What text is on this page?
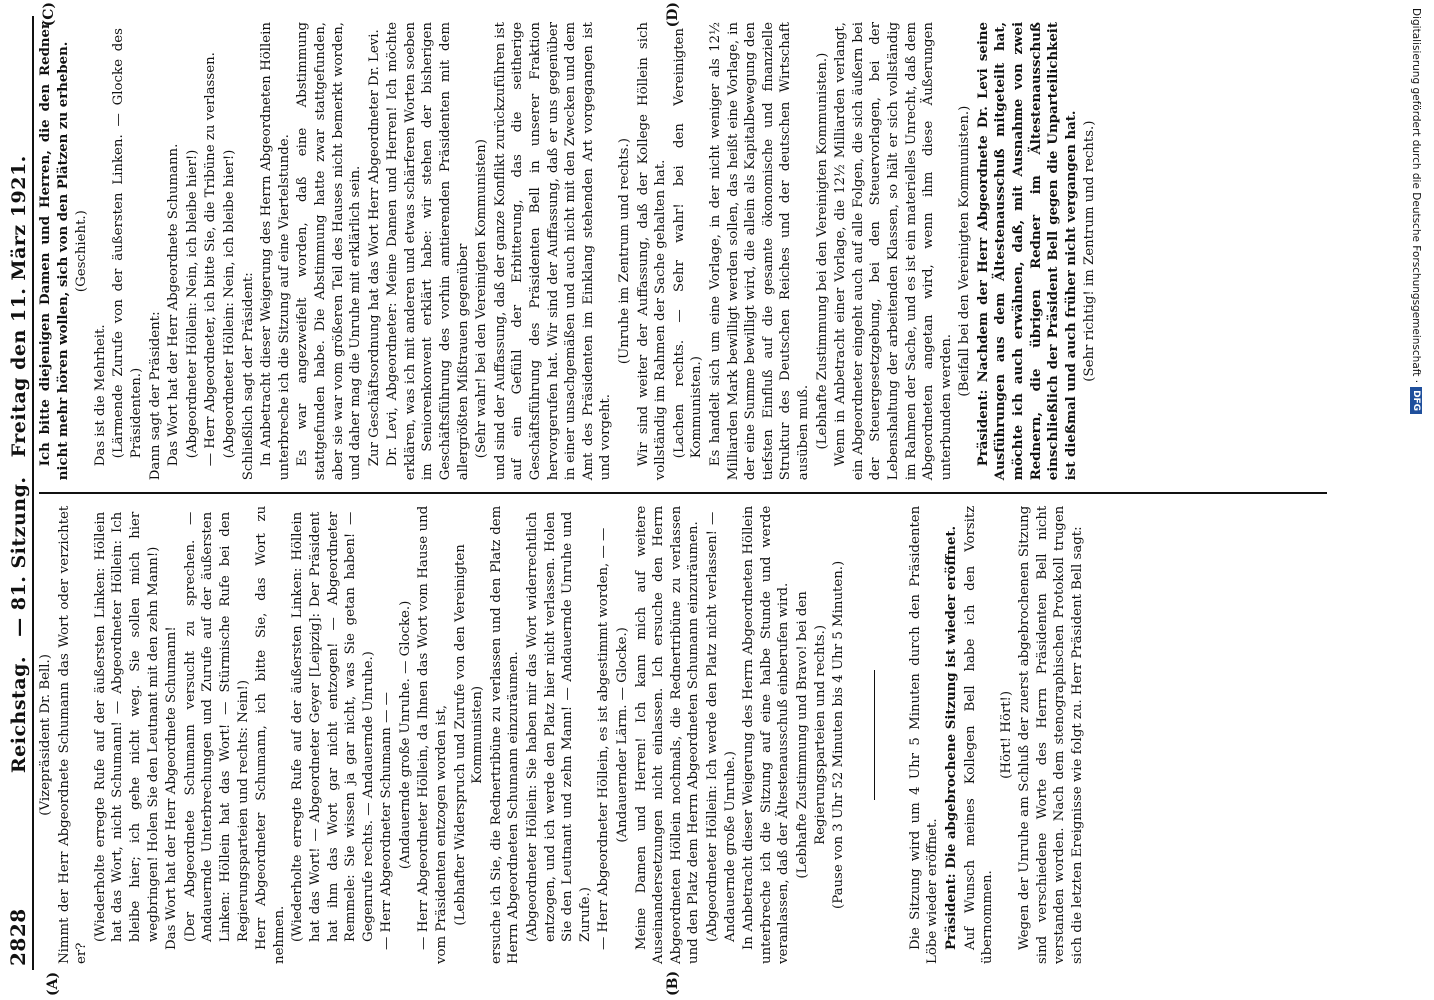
Digitalisierung gefördert durch die Deutsche Forschungsgemeinschaft ·
DFG
2828
Reichstag. — 81. Sitzung. Freitag den 11. März 1921.
(A)	(B)
(C)	(D)

(Vizepräsident Dr. Bell.) Nimmt der Herr Abgeordnete Schumann das Wort oder verzichtet er?

(Wiederholte erregte Rufe auf der äußersten Linken: Höllein hat das Wort, nicht Schumann! — Abgeordneter Höllein: Ich bleibe hier; ich gehe nicht weg. Sie sollen mich hier wegbringen! Holen Sie den Leutnant mit den zehn Mann!) Das Wort hat der Herr Abgeordnete Schumann! (Der Abgeordnete Schumann versucht zu sprechen. — Andauernde Unterbrechungen und Zurufe auf der äußersten Linken: Höllein hat das Wort! — Stürmische Rufe bei den Regierungsparteien und rechts: Nein!) Herr Abgeordneter Schumann, ich bitte Sie, das Wort zu nehmen. (Wiederholte erregte Rufe auf der äußersten Linken: Höllein hat das Wort! — Abgeordneter Geyer [Leipzig]: Der Präsident hat ihm das Wort gar nicht entzogen! — Abgeordneter Remmele: Sie wissen ja gar nicht, was Sie getan haben! — Gegenrufe rechts. — Andauernde Unruhe.) — Herr Abgeordneter Schumann — — (Andauernde große Unruhe. — Glocke.) — Herr Abgeordneter Höllein, da Ihnen das Wort vom Hause und vom Präsidenten entzogen worden ist, (Lebhafter Widerspruch und Zurufe von den Vereinigten Kommunisten) ersuche ich Sie, die Rednertribüne zu verlassen und den Platz dem Herrn Abgeordneten Schumann einzuräumen. (Abgeordneter Höllein: Sie haben mir das Wort widerrechtlich entzogen, und ich werde den Platz hier nicht verlassen. Holen Sie den Leutnant und zehn Mann! — Andauernde Unruhe und Zurufe.) — Herr Abgeordneter Höllein, es ist abgestimmt worden, — — (Andauernder Lärm. — Glocke.) Meine Damen und Herren! Ich kann mich auf weitere Auseinandersetzungen nicht einlassen. Ich ersuche den Herrn Abgeordneten Höllein nochmals, die Rednertribüne zu verlassen und den Platz dem Herrn Abgeordneten Schumann einzuräumen. (Abgeordneter Höllein: Ich werde den Platz nicht verlassen! — Andauernde große Unruhe.) In Anbetracht dieser Weigerung des Herrn Abgeordneten Höllein unterbreche ich die Sitzung auf eine halbe Stunde und werde veranlassen, daß der Ältestenausschuß einberufen wird. (Lebhafte Zustimmung und Bravo! bei den Regierungsparteien und rechts.) (Pause von 3 Uhr 52 Minuten bis 4 Uhr 5 Minuten.)	Die Sitzung wird um 4 Uhr 5 Minuten durch den Präsidenten Löbe wieder eröffnet. Präsident: Die abgebrochene Sitzung ist wieder eröffnet. Auf Wunsch meines Kollegen Bell habe ich den Vorsitz übernommen.

(Hört! Hört!) Wegen der Unruhe am Schluß der zuerst abgebrochenen Sitzung sind verschiedene Worte des Herrn Präsidenten Bell nicht verstanden worden. Nach dem stenographischen Protokoll trugen sich die letzten Ereignisse wie folgt zu. Herr Präsident Bell sagt:

Ich bitte diejenigen Damen und Herren, die den Redner nicht mehr hören wollen, sich von den Plätzen zu erheben. (Geschieht.)

Das ist die Mehrheit. (Lärmende Zurufe von der äußersten Linken. — Glocke des Präsidenten.) Dann sagt der Präsident: Das Wort hat der Herr Abgeordnete Schumann. (Abgeordneter Höllein: Nein, ich bleibe hier!) — Herr Abgeordneter, ich bitte Sie, die Tribüne zu verlassen. (Abgeordneter Höllein: Nein, ich bleibe hier!) Schließlich sagt der Präsident: In Anbetracht dieser Weigerung des Herrn Abgeordneten Höllein unterbreche ich die Sitzung auf eine Viertelstunde. Es war angezweifelt worden, daß eine Abstimmung stattgefunden habe. Die Abstimmung hatte zwar stattgefunden, aber sie war vom größeren Teil des Hauses nicht bemerkt worden, und daher mag die Unruhe mit erklärlich sein. Zur Geschäftsordnung hat das Wort Herr Abgeordneter Dr. Levi. Dr. Levi, Abgeordneter: Meine Damen und Herren! Ich möchte erklären, was ich mit anderen und etwas schärferen Worten soeben im Seniorenkonvent erklärt habe: wir stehen der bisherigen Geschäftsführung des vorhin amtierenden Präsidenten mit dem allergrößten Mißtrauen gegenüber (Sehr wahr! bei den Vereinigten Kommunisten) und sind der Auffassung, daß der ganze Konflikt zurückzuführen ist auf ein Gefühl der Erbitterung, das die seitherige Geschäftsführung des Präsidenten Bell in unserer Fraktion hervorgerufen hat. Wir sind der Auffassung, daß er uns gegenüber in einer unsachgemäßen und auch nicht mit den Zwecken und dem Amt des Präsidenten im Einklang stehenden Art vorgegangen ist und vorgeht.

(Unruhe im Zentrum und rechts.) Wir sind weiter der Auffassung, daß der Kollege Höllein sich vollständig im Rahmen der Sache gehalten hat. (Lachen rechts. — Sehr wahr! bei den Vereinigten Kommunisten.) Es handelt sich um eine Vorlage, in der nicht weniger als 12½ Milliarden Mark bewilligt werden sollen, das heißt eine Vorlage, in der eine Summe bewilligt wird, die allein als Kapitalbewegung den tiefsten Einfluß auf die gesamte ökonomische und finanzielle Struktur des Deutschen Reiches und der deutschen Wirtschaft ausüben muß. (Lebhafte Zustimmung bei den Vereinigten Kommunisten.) Wenn in Anbetracht einer Vorlage, die 12½ Milliarden verlangt, ein Abgeordneter eingeht auch auf alle Folgen, die sich äußern bei der Steuergesetzgebung, bei den Steuervorlagen, bei der Lebenshaltung der arbeitenden Klassen, so hält er sich vollständig im Rahmen der Sache, und es ist ein materielles Unrecht, daß dem Abgeordneten angetan wird, wenn ihm diese Äußerungen unterbunden werden.

(Beifall bei den Vereinigten Kommunisten.) Präsident: Nachdem der Herr Abgeordnete Dr. Levi seine Ausführungen aus dem Ältestenausschuß mitgeteilt hat, möchte ich auch erwähnen, daß, mit Ausnahme von zwei Rednern, die übrigen Redner im Ältestenausschuß einschließlich der Präsident Bell gegen die Unparteilichkeit ist dießmal und auch früher nicht vergangen hat. (Sehr richtig! im Zentrum und rechts.)
